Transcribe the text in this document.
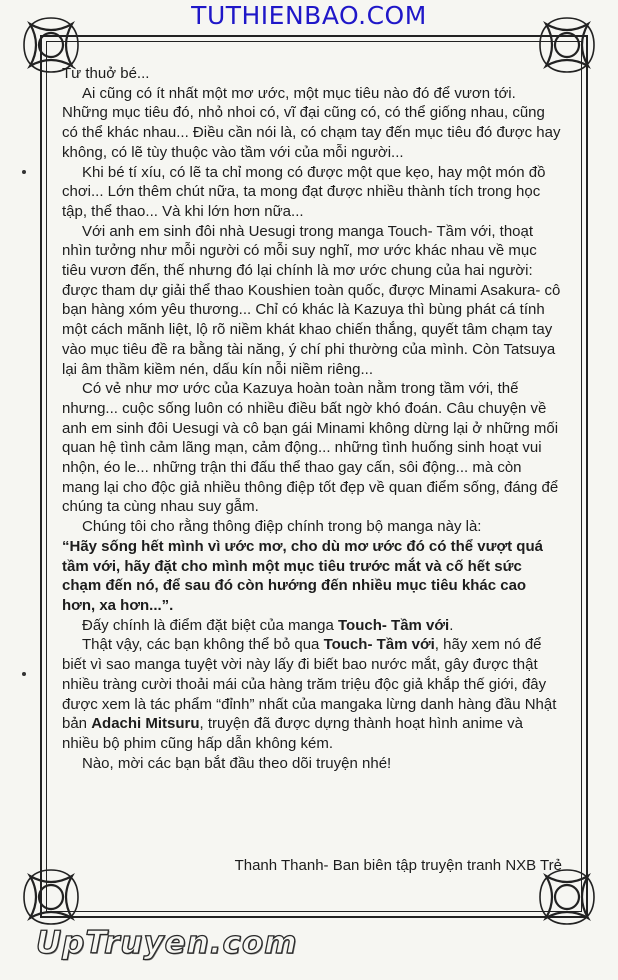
TUTHIENBAO.COM

Từ thuở bé...

Ai cũng có ít nhất một mơ ước, một mục tiêu nào đó để vươn tới. Những mục tiêu đó, nhỏ nhoi có, vĩ đại cũng có, có thể giống nhau, cũng có thể khác nhau... Điều cần nói là, có chạm tay đến mục tiêu đó được hay không, có lẽ tùy thuộc vào tầm với của mỗi người...

Khi bé tí xíu, có lẽ ta chỉ mong có được một que kẹo, hay một món đồ chơi... Lớn thêm chút nữa, ta mong đạt được nhiều thành tích trong học tập, thể thao... Và khi lớn hơn nữa...

Với anh em sinh đôi nhà Uesugi trong manga Touch- Tầm với, thoạt nhìn tưởng như mỗi người có mỗi suy nghĩ, mơ ước khác nhau về mục tiêu vươn đến, thế nhưng đó lại chính là mơ ước chung của hai người: được tham dự giải thể thao Koushien toàn quốc, được Minami Asakura- cô bạn hàng xóm yêu thương... Chỉ có khác là Kazuya thì bùng phát cá tính một cách mãnh liệt, lộ rõ niềm khát khao chiến thắng, quyết tâm chạm tay vào mục tiêu đề ra bằng tài năng, ý chí phi thường của mình. Còn Tatsuya lại âm thầm kiềm nén, dấu kín nỗi niềm riêng...

Có vẻ như mơ ước của Kazuya hoàn toàn nằm trong tầm với, thế nhưng... cuộc sống luôn có nhiều điều bất ngờ khó đoán. Câu chuyện về anh em sinh đôi Uesugi và cô bạn gái Minami không dừng lại ở những mối quan hệ tình cảm lãng mạn, cảm động... những tình huống sinh hoạt vui nhộn, éo le... những trận thi đấu thể thao gay cấn, sôi động... mà còn mang lại cho độc giả nhiều thông điệp tốt đẹp về quan điểm sống, đáng để chúng ta cùng nhau suy gẫm.

Chúng tôi cho rằng thông điệp chính trong bộ manga này là:

“Hãy sống hết mình vì ước mơ, cho dù mơ ước đó có thể vượt quá tầm với, hãy đặt cho mình một mục tiêu trước mắt và cố hết sức chạm đến nó, để sau đó còn hướng đến nhiều mục tiêu khác cao hơn, xa hơn...”.

Đấy chính là điểm đặt biệt của manga Touch- Tầm với.

Thật vậy, các bạn không thể bỏ qua Touch- Tầm với, hãy xem nó để biết vì sao manga tuyệt vời này lấy đi biết bao nước mắt, gây được thật nhiều tràng cười thoải mái của hàng trăm triệu độc giả khắp thế giới, đây được xem là tác phẩm “đỉnh” nhất của mangaka lừng danh hàng đầu Nhật bản Adachi Mitsuru, truyện đã được dựng thành hoạt hình anime và nhiều bộ phim cũng hấp dẫn không kém.

Nào, mời các bạn bắt đầu theo dõi truyện nhé!

Thanh Thanh- Ban biên tập truyện tranh NXB Trẻ

UpTruyen.com
